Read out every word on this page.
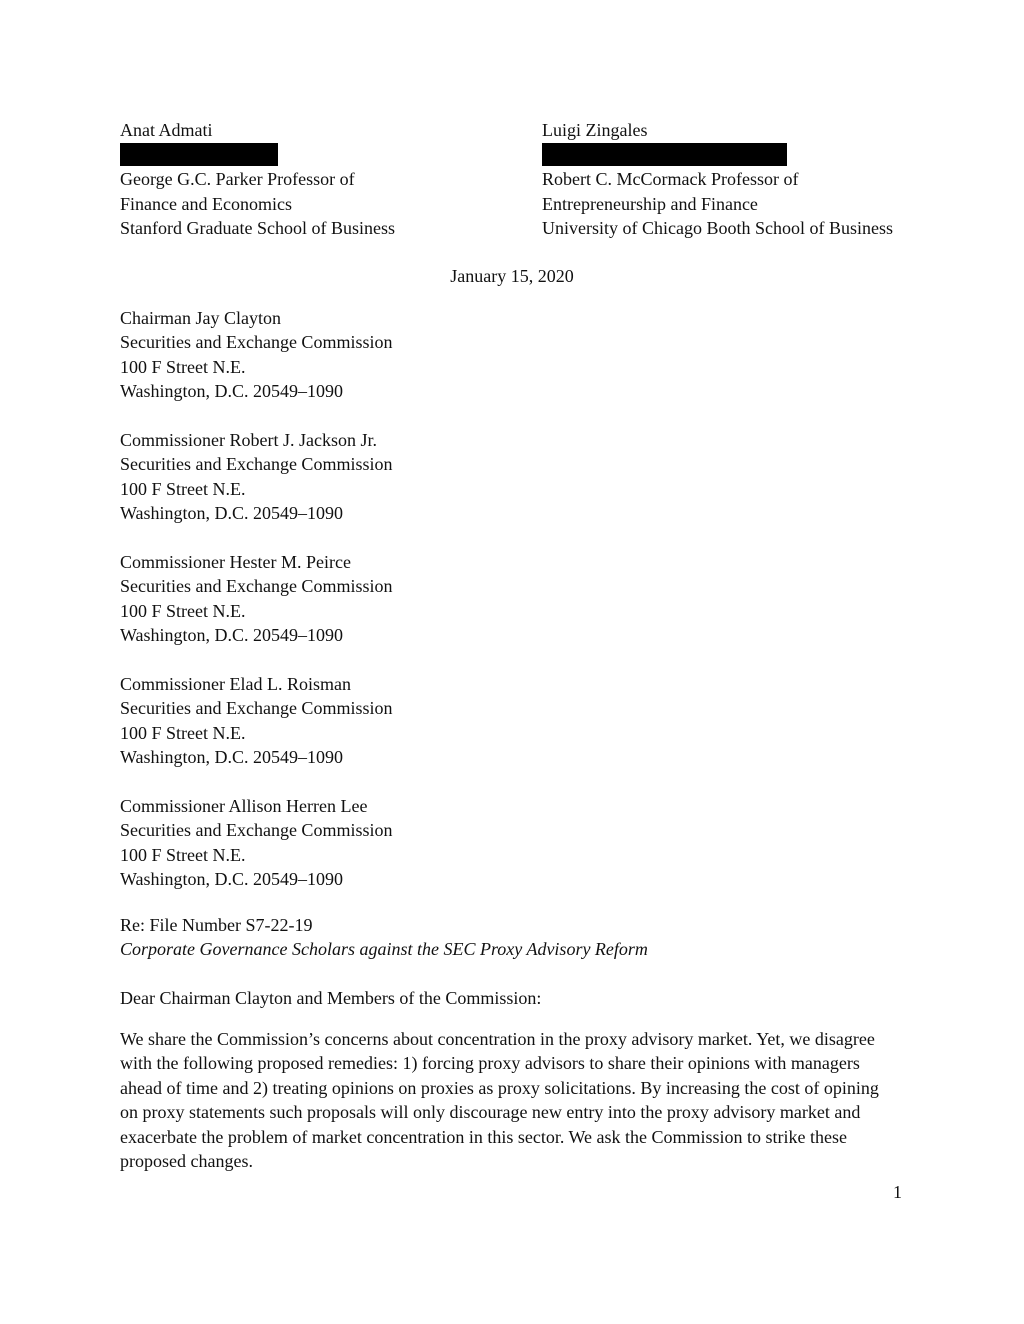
Anat Admati
George G.C. Parker Professor of
Finance and Economics
Stanford Graduate School of Business
Luigi Zingales
Robert C. McCormack Professor of
Entrepreneurship and Finance
University of Chicago Booth School of Business
January 15, 2020
Chairman Jay Clayton
Securities and Exchange Commission
100 F Street N.E.
Washington, D.C. 20549–1090
Commissioner Robert J. Jackson Jr.
Securities and Exchange Commission
100 F Street N.E.
Washington, D.C. 20549–1090
Commissioner Hester M. Peirce
Securities and Exchange Commission
100 F Street N.E.
Washington, D.C. 20549–1090
Commissioner Elad L. Roisman
Securities and Exchange Commission
100 F Street N.E.
Washington, D.C. 20549–1090
Commissioner Allison Herren Lee
Securities and Exchange Commission
100 F Street N.E.
Washington, D.C. 20549–1090
Re: File Number S7-22-19
Corporate Governance Scholars against the SEC Proxy Advisory Reform
Dear Chairman Clayton and Members of the Commission:
We share the Commission’s concerns about concentration in the proxy advisory market. Yet, we disagree
with the following proposed remedies: 1) forcing proxy advisors to share their opinions with managers
ahead of time and 2) treating opinions on proxies as proxy solicitations. By increasing the cost of opining
on proxy statements such proposals will only discourage new entry into the proxy advisory market and
exacerbate the problem of market concentration in this sector. We ask the Commission to strike these
proposed changes.
1
